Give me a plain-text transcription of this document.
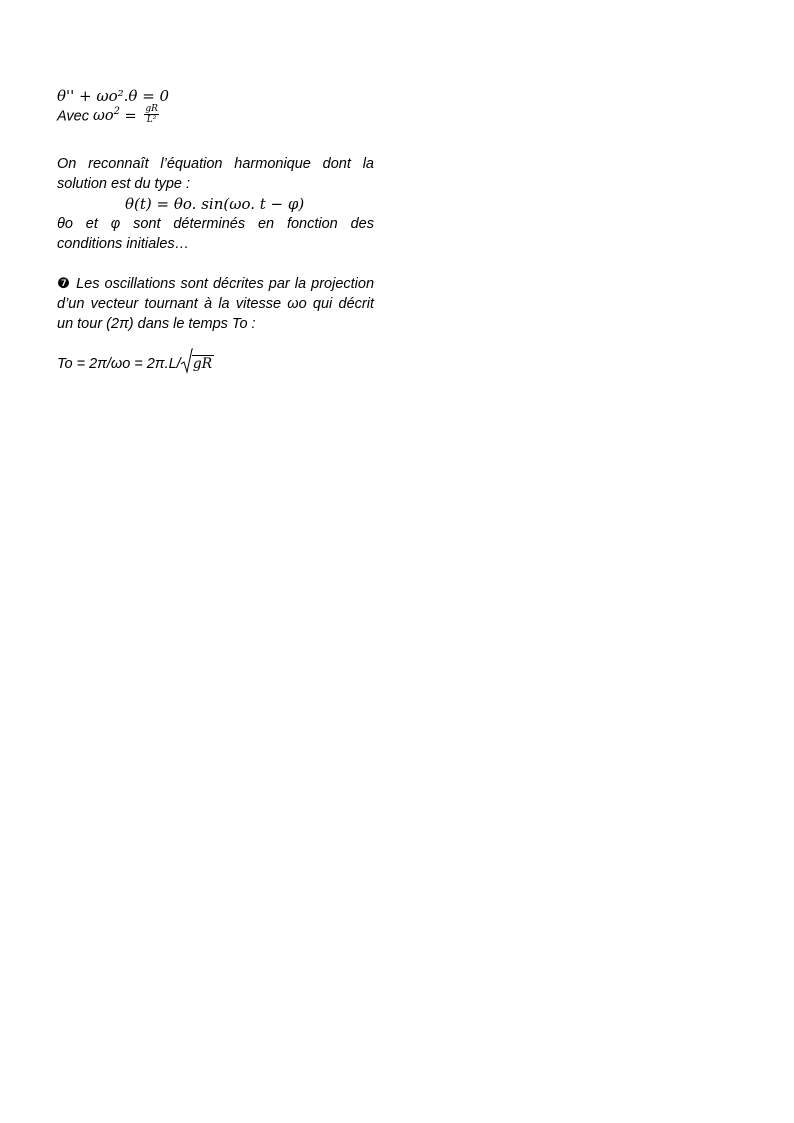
θ'' + ωo².θ = 0
Avec $\omega o^2 = \frac{gR}{\text{L²}}$
On reconnaît l’équation harmonique dont la
solution est du type :
θ(t) = θo. sin(ωo. t − φ)
θo et φ sont déterminés en fonction des
conditions initiales…
❼ Les oscillations sont décrites par la projection d’un vecteur tournant à la vitesse ωo qui décrit un tour (2π) dans le temps To :
To = 2π/ωo = 2π.L/ gR
